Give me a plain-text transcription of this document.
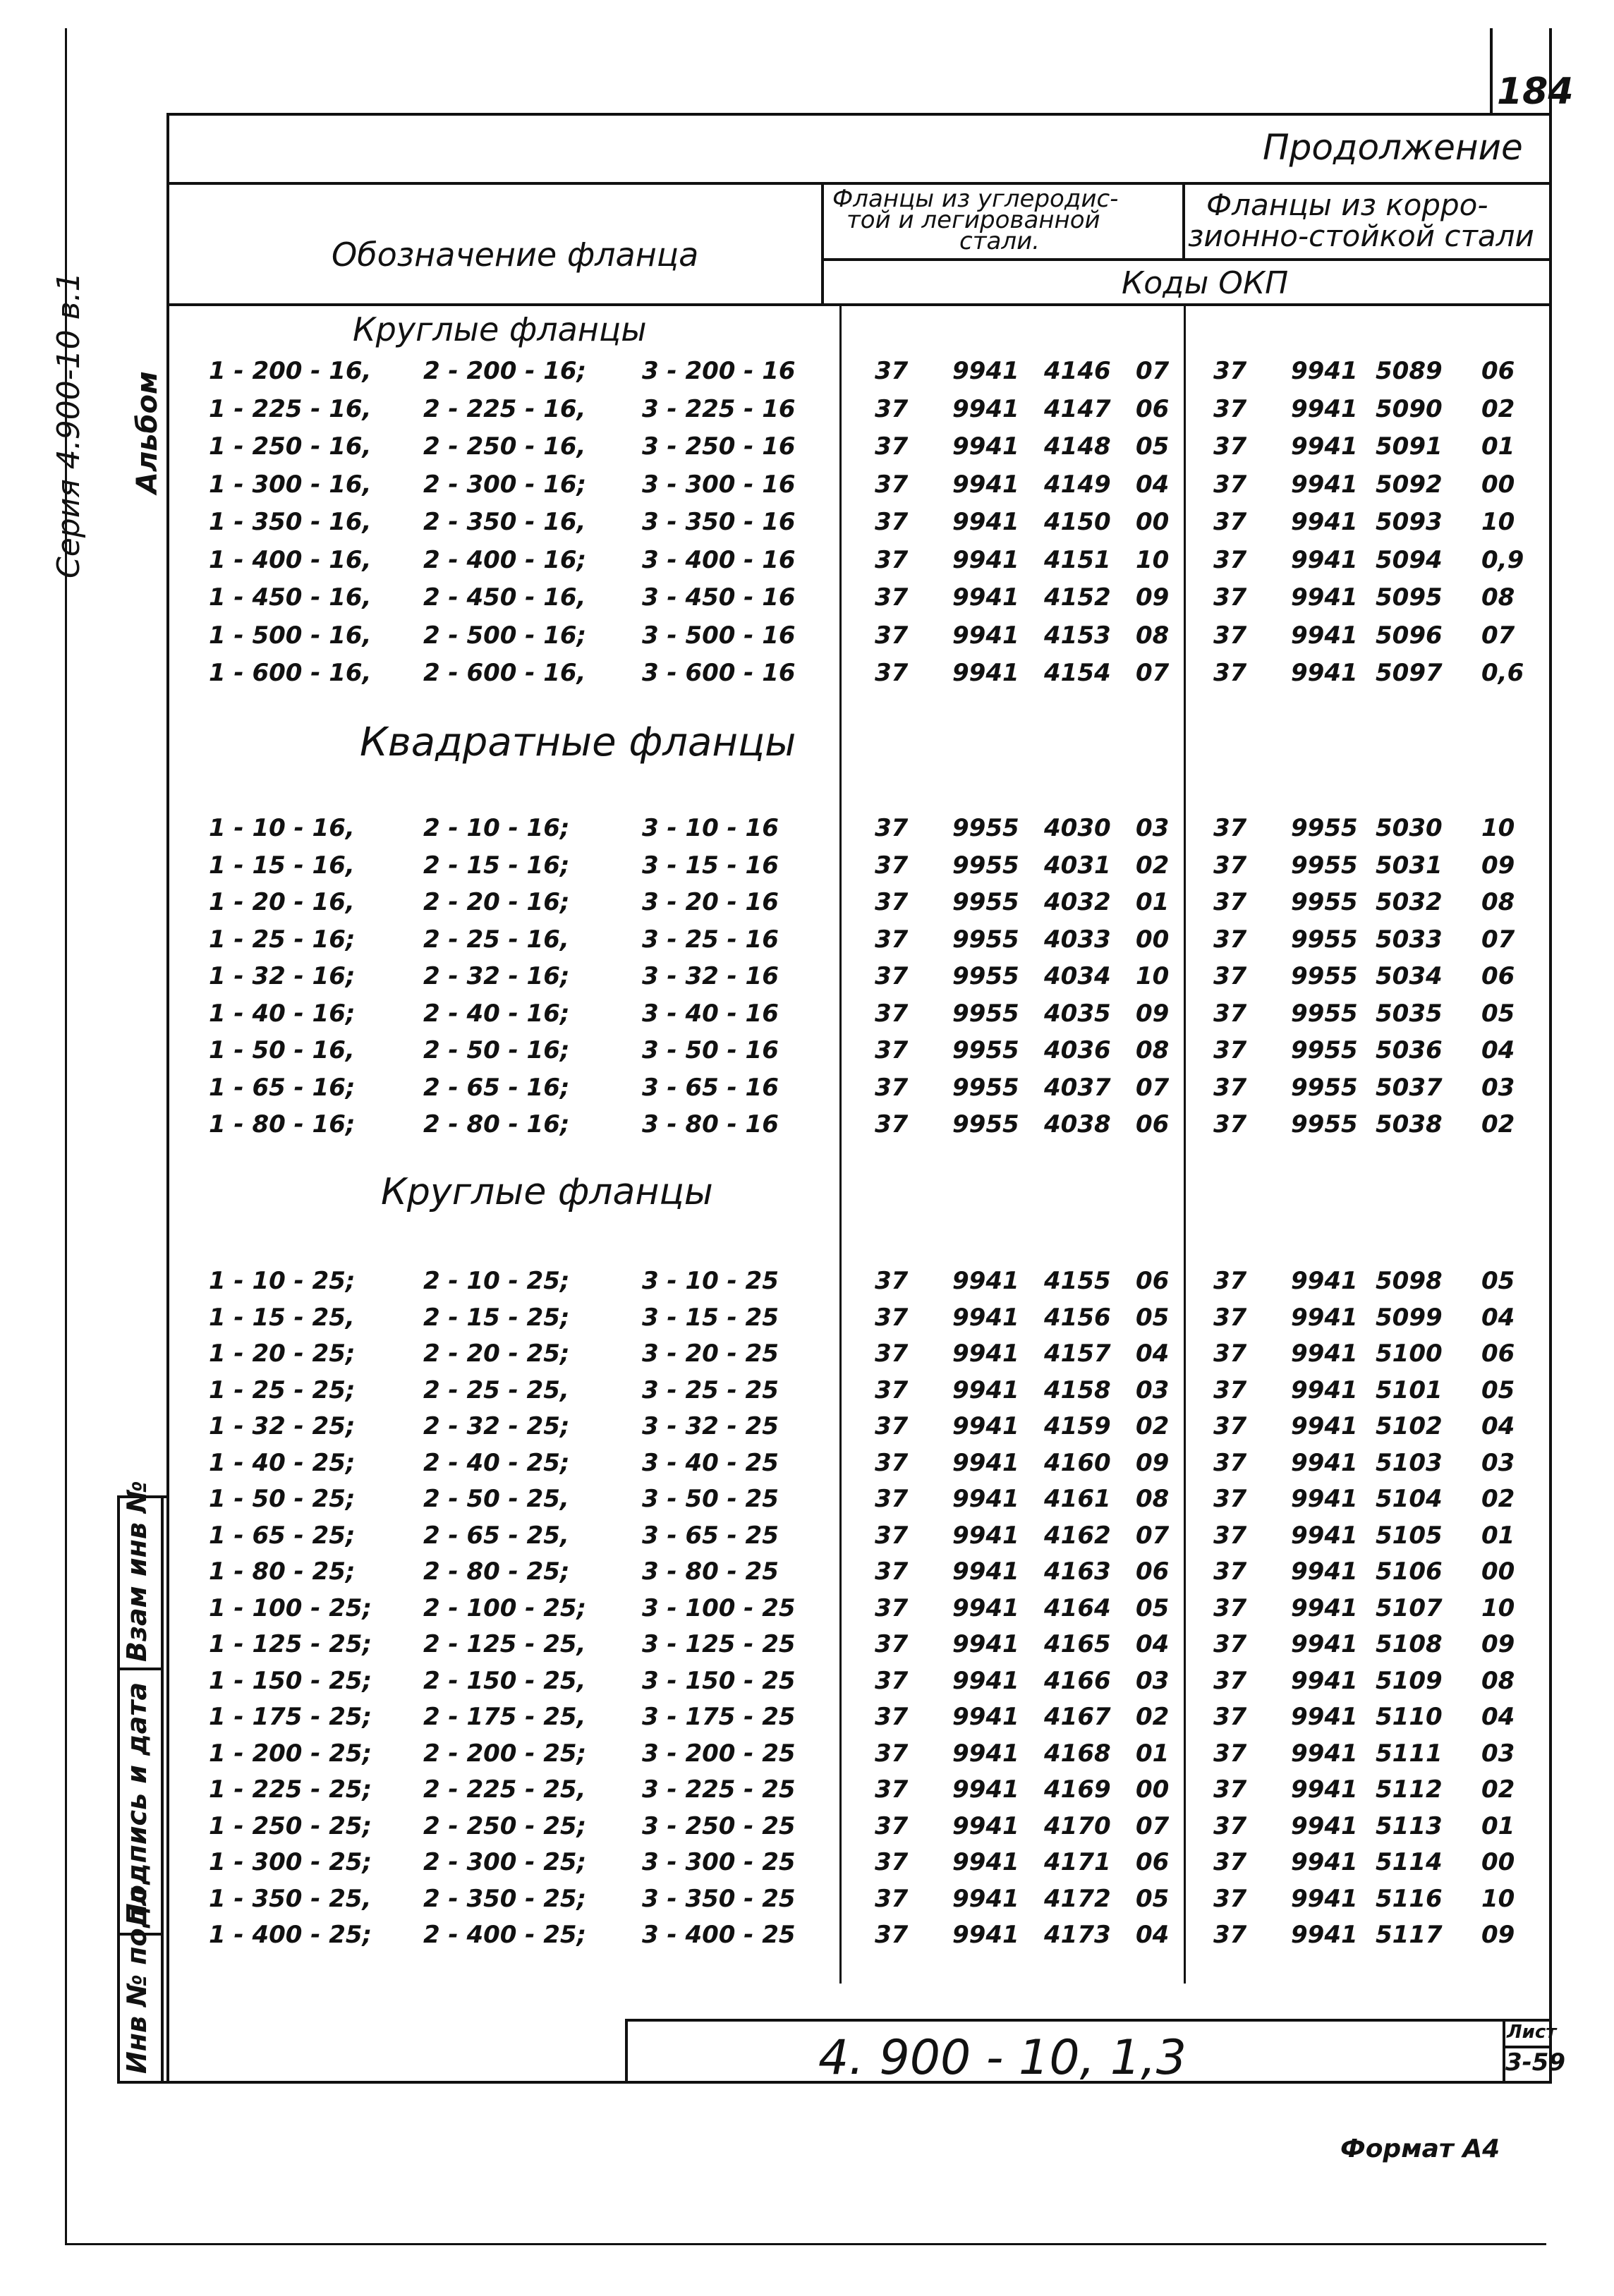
184
Продолжение
Обозначение фланца
Фланцы из углеродис-
той и легированной
стали.
Фланцы из корро-
зионно-стойкой стали
Коды ОКП
Серия 4.900-10 в.1 Альбом
Взам инв №
Подпись и дата
Инв № подл	4. 900 - 10, 1,3	Лист
3-59
Формат А4
Круглые фланцы
Квадратные фланцы
Круглые фланцы
1 - 200 - 16, 2 - 200 - 16; 3 - 200 - 16	37 9941 4146 07 37 9941 5089 06
1 - 225 - 16, 2 - 225 - 16, 3 - 225 - 16	37 9941 4147 06 37 9941 5090 02
1 - 250 - 16, 2 - 250 - 16, 3 - 250 - 16	37 9941 4148 05 37 9941 5091 01
1 - 300 - 16, 2 - 300 - 16; 3 - 300 - 16	37 9941 4149 04 37 9941 5092 00
1 - 350 - 16, 2 - 350 - 16, 3 - 350 - 16	37 9941 4150 00 37 9941 5093 10
1 - 400 - 16, 2 - 400 - 16; 3 - 400 - 16	37 9941 4151 10 37 9941 5094 0,9
1 - 450 - 16, 2 - 450 - 16, 3 - 450 - 16	37 9941 4152 09 37 9941 5095 08
1 - 500 - 16, 2 - 500 - 16; 3 - 500 - 16	37 9941 4153 08 37 9941 5096 07
1 - 600 - 16, 2 - 600 - 16, 3 - 600 - 16	37 9941 4154 07 37 9941 5097 0,6
1 - 10 - 16,	2 - 10 - 16;	3 - 10 - 16	37 9955 4030 03 37 9955 5030 10
1 - 15 - 16,	2 - 15 - 16;	3 - 15 - 16	37 9955 4031 02 37 9955 5031 09
1 - 20 - 16,	2 - 20 - 16;	3 - 20 - 16	37 9955 4032 01 37 9955 5032 08
1 - 25 - 16;	2 - 25 - 16,	3 - 25 - 16	37 9955 4033 00 37 9955 5033 07
1 - 32 - 16;	2 - 32 - 16;	3 - 32 - 16	37 9955 4034 10 37 9955 5034 06
1 - 40 - 16;	2 - 40 - 16;	3 - 40 - 16	37 9955 4035 09 37 9955 5035 05
1 - 50 - 16,	2 - 50 - 16;	3 - 50 - 16	37 9955 4036 08 37 9955 5036 04
1 - 65 - 16;	2 - 65 - 16;	3 - 65 - 16	37 9955 4037 07 37 9955 5037 03
1 - 80 - 16;	2 - 80 - 16;	3 - 80 - 16	37 9955 4038 06 37 9955 5038 02
1 - 10 - 25;	2 - 10 - 25;	3 - 10 - 25	37 9941 4155 06 37 9941 5098 05
1 - 15 - 25,	2 - 15 - 25;	3 - 15 - 25	37 9941 4156 05 37 9941 5099 04
1 - 20 - 25;	2 - 20 - 25;	3 - 20 - 25	37 9941 4157 04 37 9941 5100 06
1 - 25 - 25;	2 - 25 - 25,	3 - 25 - 25	37 9941 4158 03 37 9941 5101 05
1 - 32 - 25;	2 - 32 - 25;	3 - 32 - 25	37 9941 4159 02 37 9941 5102 04
1 - 40 - 25;	2 - 40 - 25;	3 - 40 - 25	37 9941 4160 09 37 9941 5103 03
1 - 50 - 25;	2 - 50 - 25,	3 - 50 - 25	37 9941 4161 08 37 9941 5104 02
1 - 65 - 25;	2 - 65 - 25,	3 - 65 - 25	37 9941 4162 07 37 9941 5105 01
1 - 80 - 25;	2 - 80 - 25;	3 - 80 - 25	37 9941 4163 06 37 9941 5106 00
1 - 100 - 25; 2 - 100 - 25; 3 - 100 - 25	37 9941 4164 05 37 9941 5107 10
1 - 125 - 25; 2 - 125 - 25, 3 - 125 - 25	37 9941 4165 04 37 9941 5108 09
1 - 150 - 25; 2 - 150 - 25, 3 - 150 - 25	37 9941 4166 03 37 9941 5109 08
1 - 175 - 25; 2 - 175 - 25, 3 - 175 - 25	37 9941 4167 02 37 9941 5110 04
1 - 200 - 25; 2 - 200 - 25; 3 - 200 - 25	37 9941 4168 01 37 9941 5111 03
1 - 225 - 25; 2 - 225 - 25, 3 - 225 - 25	37 9941 4169 00 37 9941 5112 02
1 - 250 - 25; 2 - 250 - 25; 3 - 250 - 25	37 9941 4170 07 37 9941 5113 01
1 - 300 - 25; 2 - 300 - 25; 3 - 300 - 25	37 9941 4171 06 37 9941 5114 00
1 - 350 - 25, 2 - 350 - 25; 3 - 350 - 25	37 9941 4172 05 37 9941 5116 10
1 - 400 - 25; 2 - 400 - 25; 3 - 400 - 25	37 9941 4173 04 37 9941 5117 09
